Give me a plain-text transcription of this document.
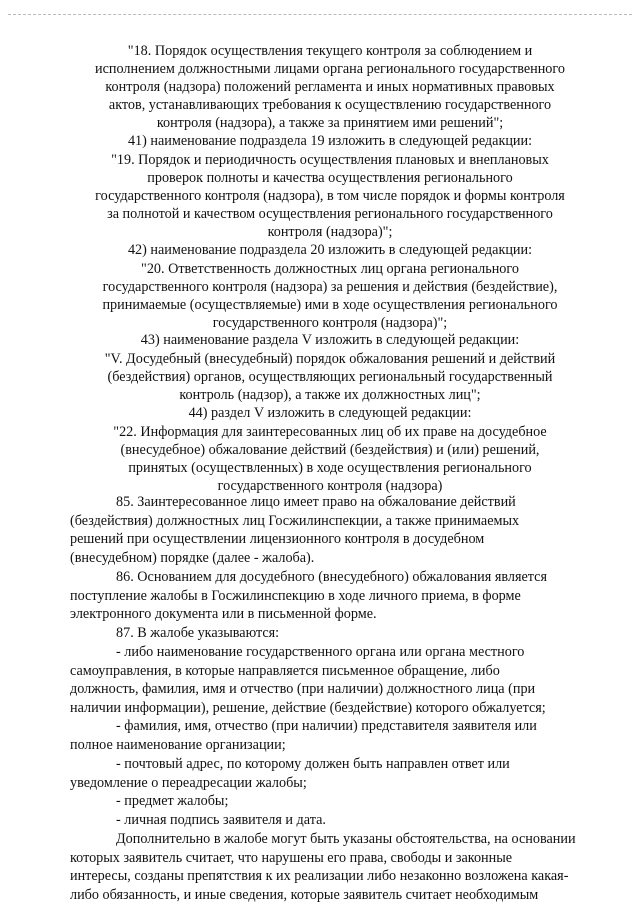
"18. Порядок осуществления текущего контроля за соблюдением и
исполнением должностными лицами органа регионального государственного
контроля (надзора) положений регламента и иных нормативных правовых
актов, устанавливающих требования к осуществлению государственного
контроля (надзора), а также за принятием ими решений";
41) наименование подраздела 19 изложить в следующей редакции:
"19. Порядок и периодичность осуществления плановых и внеплановых
проверок полноты и качества осуществления регионального
государственного контроля (надзора), в том числе порядок и формы контроля
за полнотой и качеством осуществления регионального государственного
контроля (надзора)";
42) наименование подраздела 20 изложить в следующей редакции:
"20. Ответственность должностных лиц органа регионального
государственного контроля (надзора) за решения и действия (бездействие),
принимаемые (осуществляемые) ими в ходе осуществления регионального
государственного контроля (надзора)";
43) наименование раздела V изложить в следующей редакции:
"V. Досудебный (внесудебный) порядок обжалования решений и действий
(бездействия) органов, осуществляющих региональный государственный
контроль (надзор), а также их должностных лиц";
44) раздел V изложить в следующей редакции:
"22. Информация для заинтересованных лиц об их праве на досудебное
(внесудебное) обжалование действий (бездействия) и (или) решений,
принятых (осуществленных) в ходе осуществления регионального
государственного контроля (надзора)
85. Заинтересованное лицо имеет право на обжалование действий
(бездействия) должностных лиц Госжилинспекции, а также принимаемых
решений при осуществлении лицензионного контроля в досудебном
(внесудебном) порядке (далее - жалоба).
86. Основанием для досудебного (внесудебного) обжалования является
поступление жалобы в Госжилинспекцию в ходе личного приема, в форме
электронного документа или в письменной форме.
87. В жалобе указываются:
- либо наименование государственного органа или органа местного
самоуправления, в которые направляется письменное обращение, либо
должность, фамилия, имя и отчество (при наличии) должностного лица (при
наличии информации), решение, действие (бездействие) которого обжалуется;
- фамилия, имя, отчество (при наличии) представителя заявителя или
полное наименование организации;
- почтовый адрес, по которому должен быть направлен ответ или
уведомление о переадресации жалобы;
- предмет жалобы;
- личная подпись заявителя и дата.
Дополнительно в жалобе могут быть указаны обстоятельства, на основании
которых заявитель считает, что нарушены его права, свободы и законные
интересы, созданы препятствия к их реализации либо незаконно возложена какая-
либо обязанность, и иные сведения, которые заявитель считает необходимым
